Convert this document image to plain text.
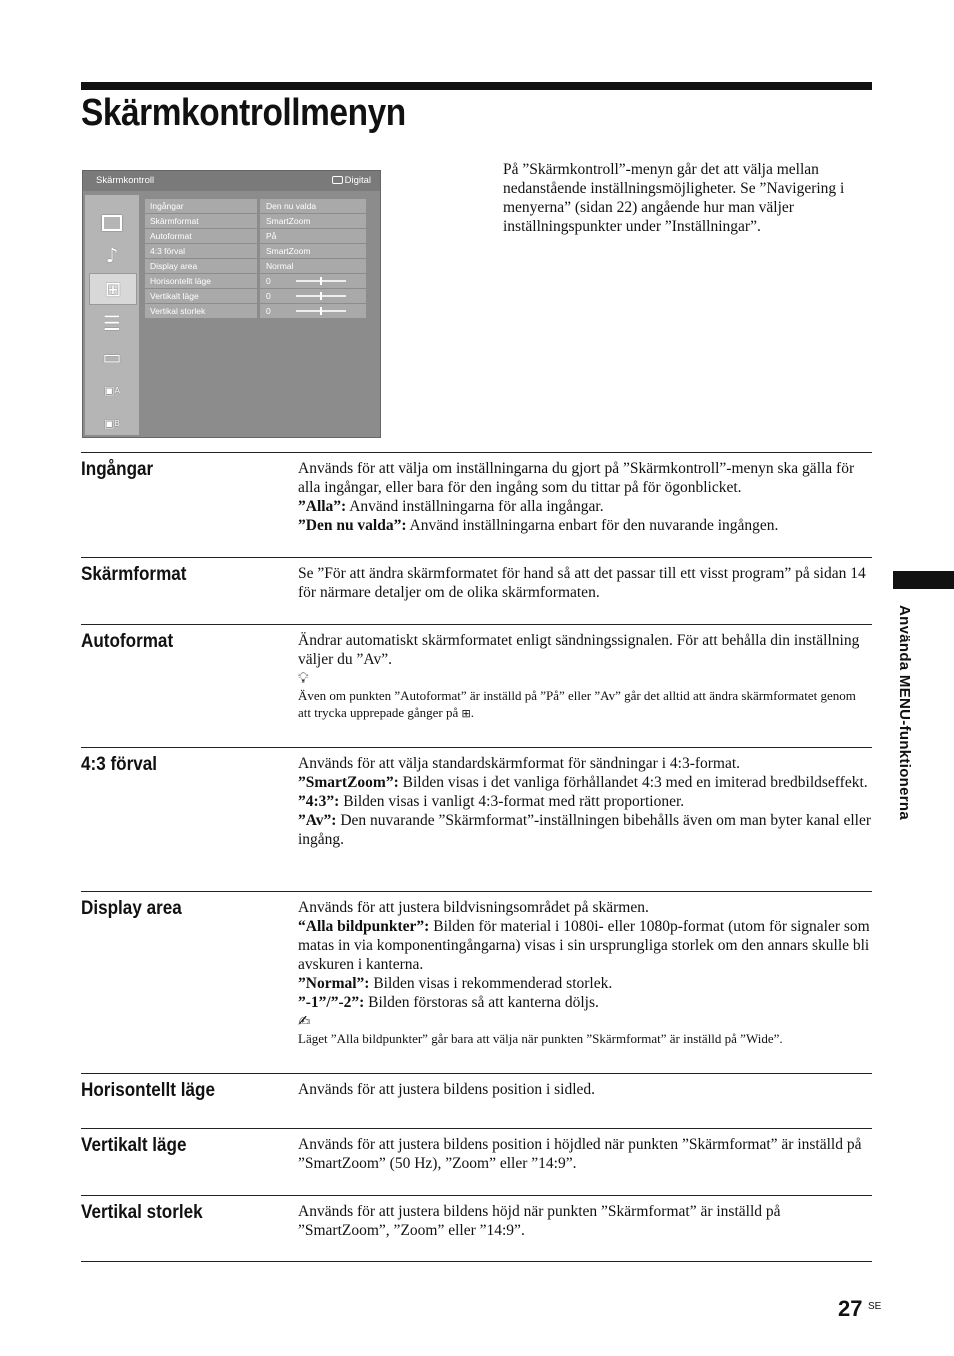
Skärmkontrollmenyn
Skärmkontroll	Digital
♪
⊞
☰
▭
▣ A
▣ B
Ingångar	Den nu valda
Skärmformat	SmartZoom
Autoformat	På
4:3 förval	SmartZoom
Display area	Normal
Horisontellt läge	0
Vertikalt läge	0
Vertikal storlek	0
På ”Skärmkontroll”-menyn går det att välja mellan nedanstående inställningsmöjligheter. Se ”Navigering i menyerna” (sidan 22) angående hur man väljer inställningspunkter under ”Inställningar”.
Ingångar	Används för att välja om inställningarna du gjort på ”Skärmkontroll”-menyn ska gälla för alla ingångar, eller bara för den ingång som du tittar på för ögonblicket.

”Alla”: Använd inställningarna för alla ingångar.

”Den nu valda”: Använd inställningarna enbart för den nuvarande ingången.

Skärmformat	Se ”För att ändra skärmformatet för hand så att det passar till ett visst program” på sidan 14 för närmare detaljer om de olika skärmformaten.

Autoformat	Ändrar automatiskt skärmformatet enligt sändningssignalen. För att behålla din inställning väljer du ”Av”.

💡︎

Även om punkten ”Autoformat” är inställd på ”På” eller ”Av” går det alltid att ändra skärmformatet genom att trycka upprepade gånger på ⊞.

4:3 förval	Används för att välja standardskärmformat för sändningar i 4:3-format.

”SmartZoom”: Bilden visas i det vanliga förhållandet 4:3 med en imiterad bredbildseffekt.

”4:3”: Bilden visas i vanligt 4:3-format med rätt proportioner.

”Av”: Den nuvarande ”Skärmformat”-inställningen bibehålls även om man byter kanal eller ingång.

Display area	Används för att justera bildvisningsområdet på skärmen.

“Alla bildpunkter”: Bilden för material i 1080i- eller 1080p-format (utom för signaler som matas in via komponentingångarna) visas i sin ursprungliga storlek om den annars skulle bli avskuren i kanterna.

”Normal”: Bilden visas i rekommenderad storlek.

”-1”/”-2”: Bilden förstoras så att kanterna döljs.

✍

Läget ”Alla bildpunkter” går bara att välja när punkten ”Skärmformat” är inställd på ”Wide”.

Horisontellt läge	Används för att justera bildens position i sidled.

Vertikalt läge	Används för att justera bildens position i höjdled när punkten ”Skärmformat” är inställd på ”SmartZoom” (50 Hz), ”Zoom” eller ”14:9”.

Vertikal storlek	Används för att justera bildens höjd när punkten ”Skärmformat” är inställd på ”SmartZoom”, ”Zoom” eller ”14:9”.

Använda MENU-funktionerna
27 SE
